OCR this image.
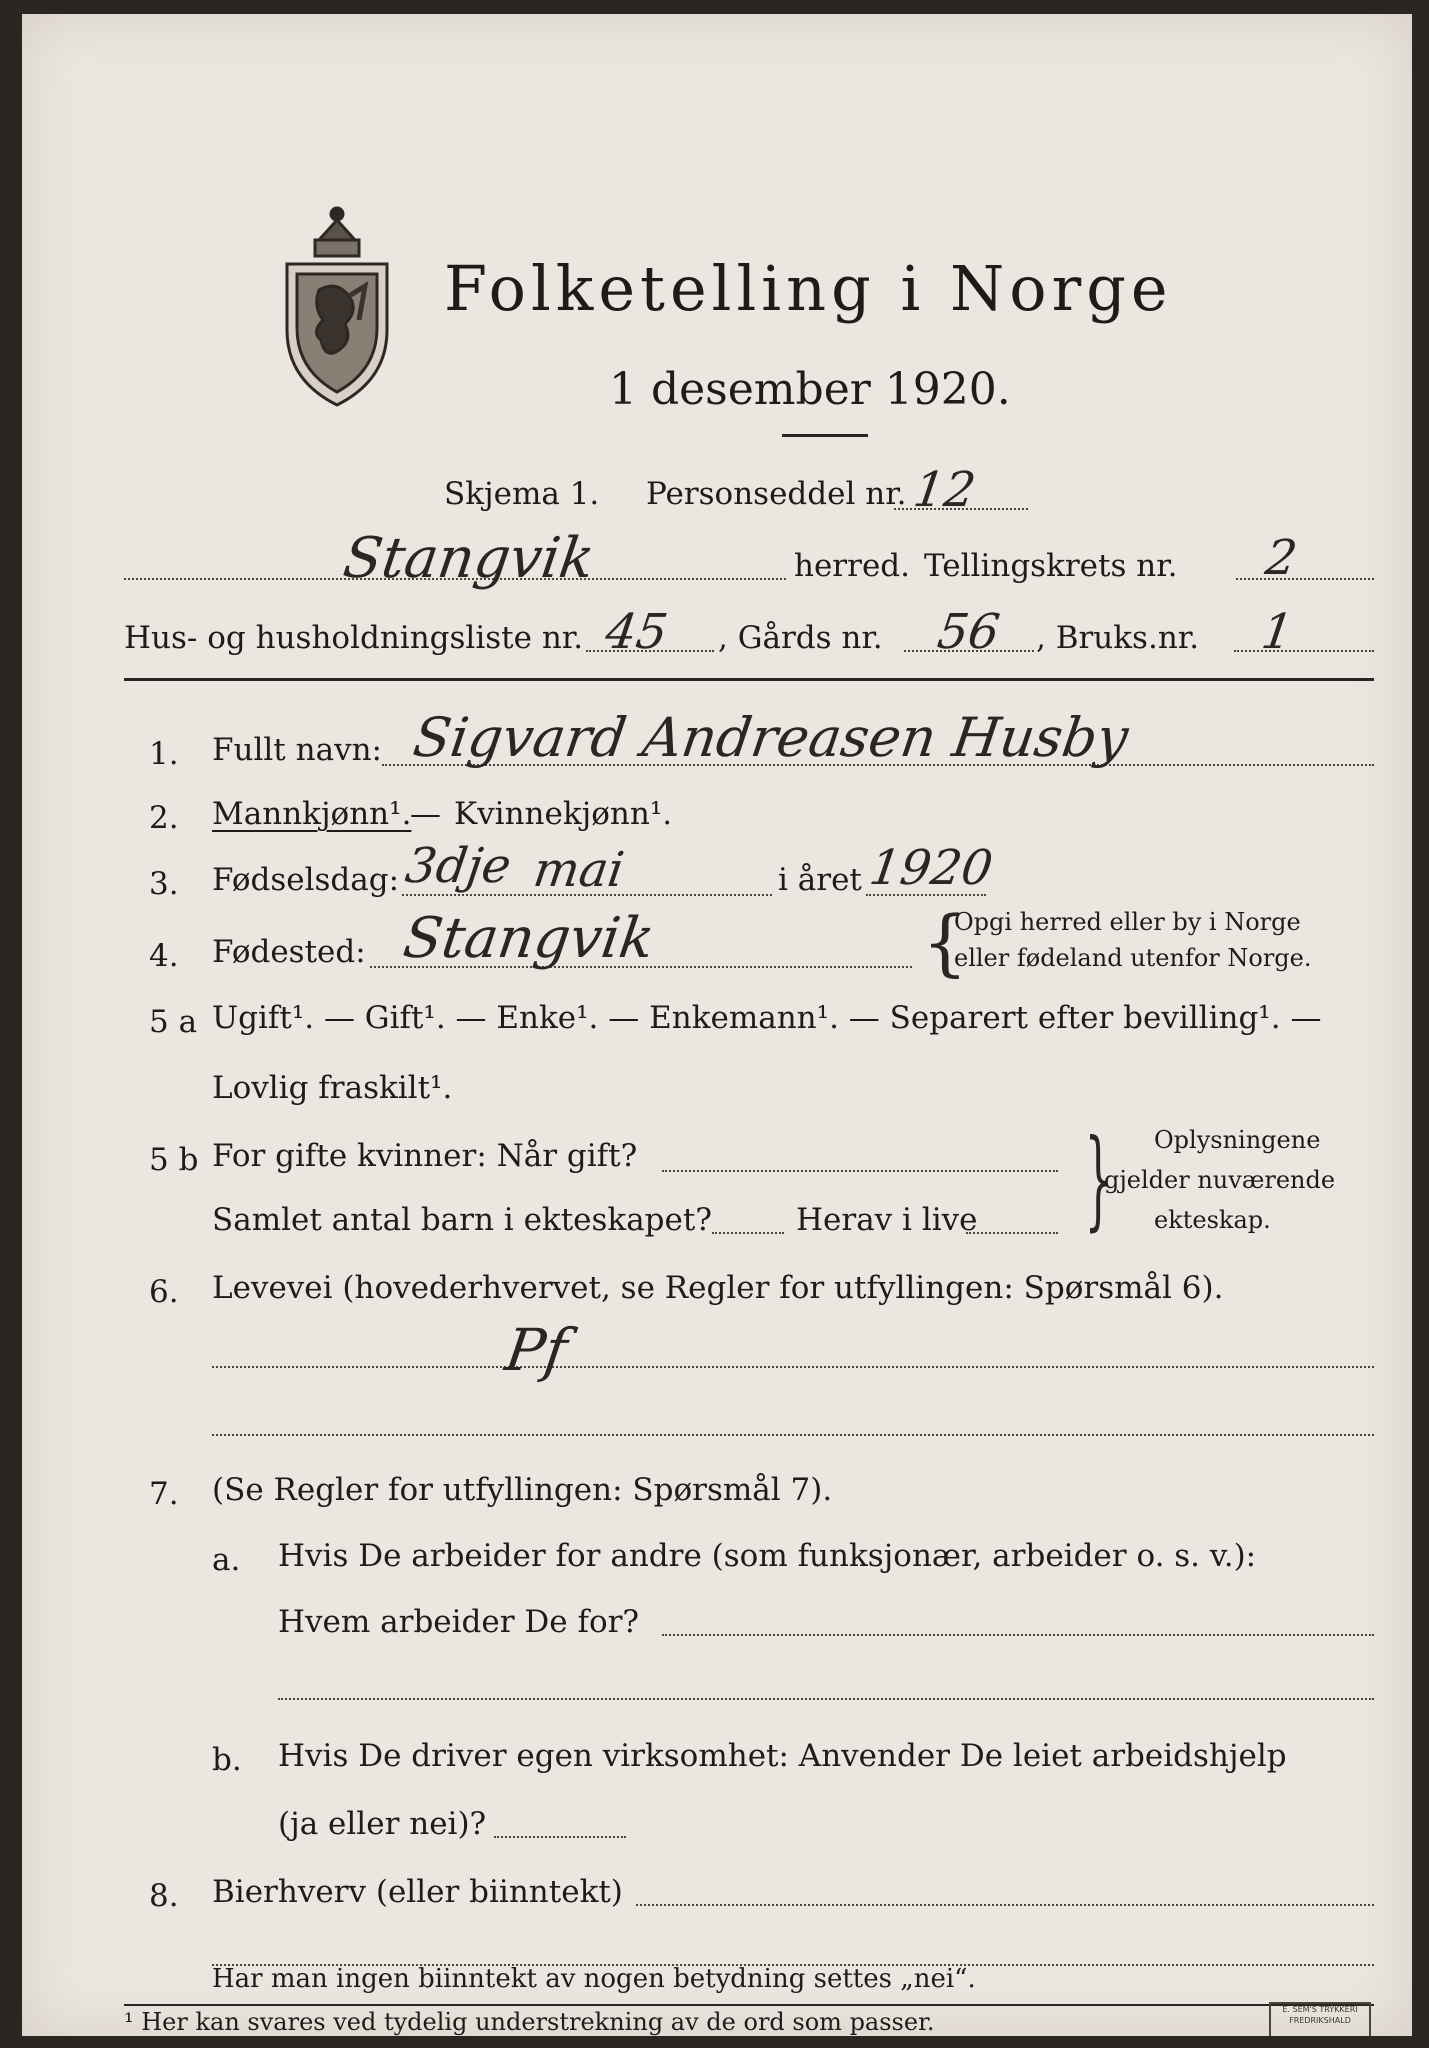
Folketelling i Norge
1 desember 1920.
Skjema 1. Personseddel nr. 12
Stangvik	herred. Tellingskrets nr. 2
Hus- og husholdningsliste nr. 45 , Gårds nr. 56 , Bruks.nr. 1
1. Fullt navn: Sigvard Andreasen Husby
2. Mannkjønn¹.
— Kvinnekjønn¹.
3. Fødselsdag: 3dje mai	i året 1920
4. Fødested: Stangvik	{
Opgi herred eller by i Norge
eller fødeland utenfor Norge.
5 a Ugift¹. — Gift¹. — Enke¹. — Enkemann¹. — Separert efter bevilling¹. —
Lovlig fraskilt¹.
5 b For gifte kvinner: Når gift?
Samlet antal barn i ekteskapet?	Herav i live } Oplysningene
gjelder nuværende
ekteskap.
6. Levevei (hovederhvervet, se Regler for utfyllingen: Spørsmål 6).
Pf
7. (Se Regler for utfyllingen: Spørsmål 7).
a. Hvis De arbeider for andre (som funksjonær, arbeider o. s. v.):
Hvem arbeider De for?
b. Hvis De driver egen virksomhet: Anvender De leiet arbeidshjelp
(ja eller nei)?
8. Bierhverv (eller biinntekt)
Har man ingen biinntekt av nogen betydning settes „nei“.
¹ Her kan svares ved tydelig understrekning av de ord som passer.	E. SEM'S TRYKKERI
FREDRIKSHALD
